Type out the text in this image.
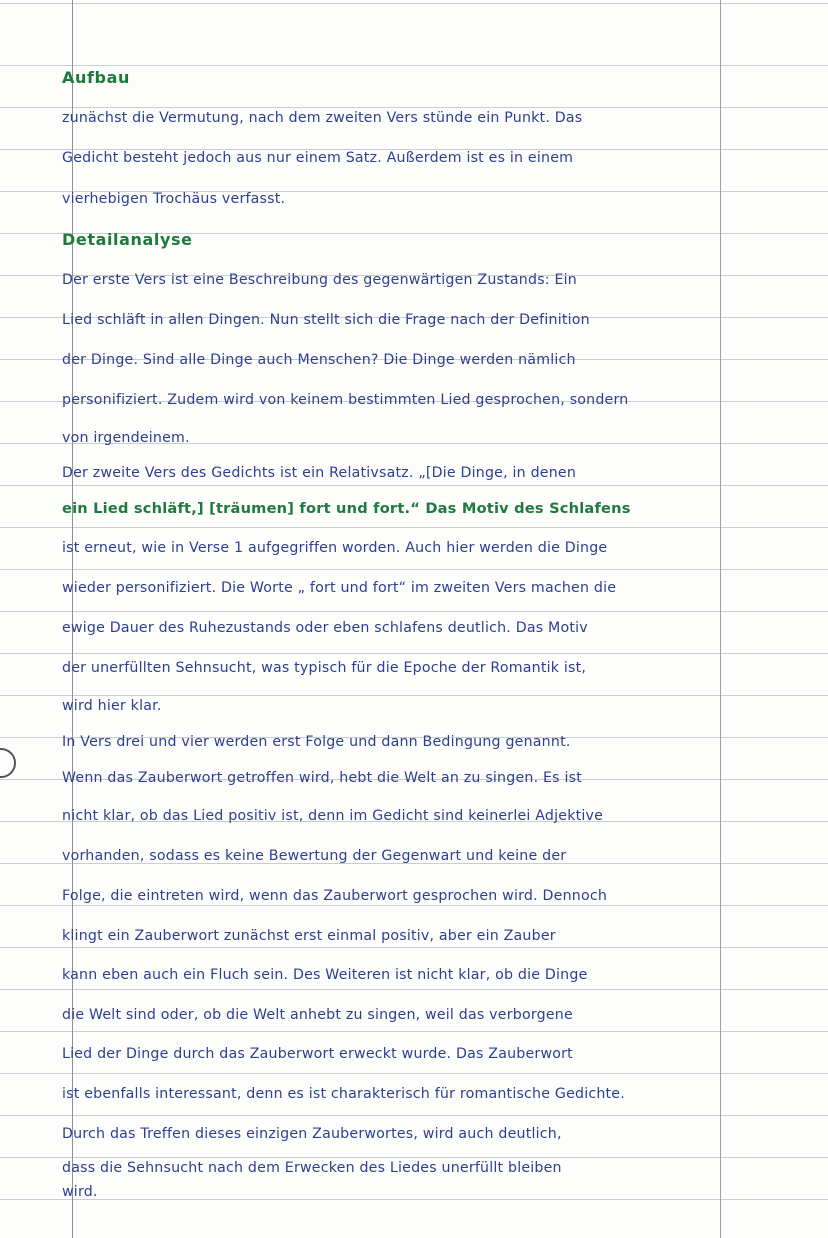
Aufbau
zunächst die Vermutung, nach dem zweiten Vers stünde ein Punkt. Das
Gedicht besteht jedoch aus nur einem Satz. Außerdem ist es in einem
vierhebigen Trochäus verfasst.
Detailanalyse
Der erste Vers ist eine Beschreibung des gegenwärtigen Zustands: Ein
Lied schläft in allen Dingen. Nun stellt sich die Frage nach der Definition
der Dinge. Sind alle Dinge auch Menschen? Die Dinge werden nämlich
personifiziert. Zudem wird von keinem bestimmten Lied gesprochen, sondern
von irgendeinem.
Der zweite Vers des Gedichts ist ein Relativsatz. „[Die Dinge, in denen
ein Lied schläft,] [träumen] fort und fort.“ Das Motiv des Schlafens
ist erneut, wie in Verse 1 aufgegriffen worden. Auch hier werden die Dinge
wieder personifiziert. Die Worte „ fort und fort“ im zweiten Vers machen die
ewige Dauer des Ruhezustands oder eben schlafens deutlich. Das Motiv
der unerfüllten Sehnsucht, was typisch für die Epoche der Romantik ist,
wird hier klar.
In Vers drei und vier werden erst Folge und dann Bedingung genannt.
Wenn das Zauberwort getroffen wird, hebt die Welt an zu singen. Es ist
nicht klar, ob das Lied positiv ist, denn im Gedicht sind keinerlei Adjektive
vorhanden, sodass es keine Bewertung der Gegenwart und keine der
Folge, die eintreten wird, wenn das Zauberwort gesprochen wird. Dennoch
klingt ein Zauberwort zunächst erst einmal positiv, aber ein Zauber
kann eben auch ein Fluch sein. Des Weiteren ist nicht klar, ob die Dinge
die Welt sind oder, ob die Welt anhebt zu singen, weil das verborgene
Lied der Dinge durch das Zauberwort erweckt wurde. Das Zauberwort
ist ebenfalls interessant, denn es ist charakterisch für romantische Gedichte.
Durch das Treffen dieses einzigen Zauberwortes, wird auch deutlich,
dass die Sehnsucht nach dem Erwecken des Liedes unerfüllt bleiben
wird.
